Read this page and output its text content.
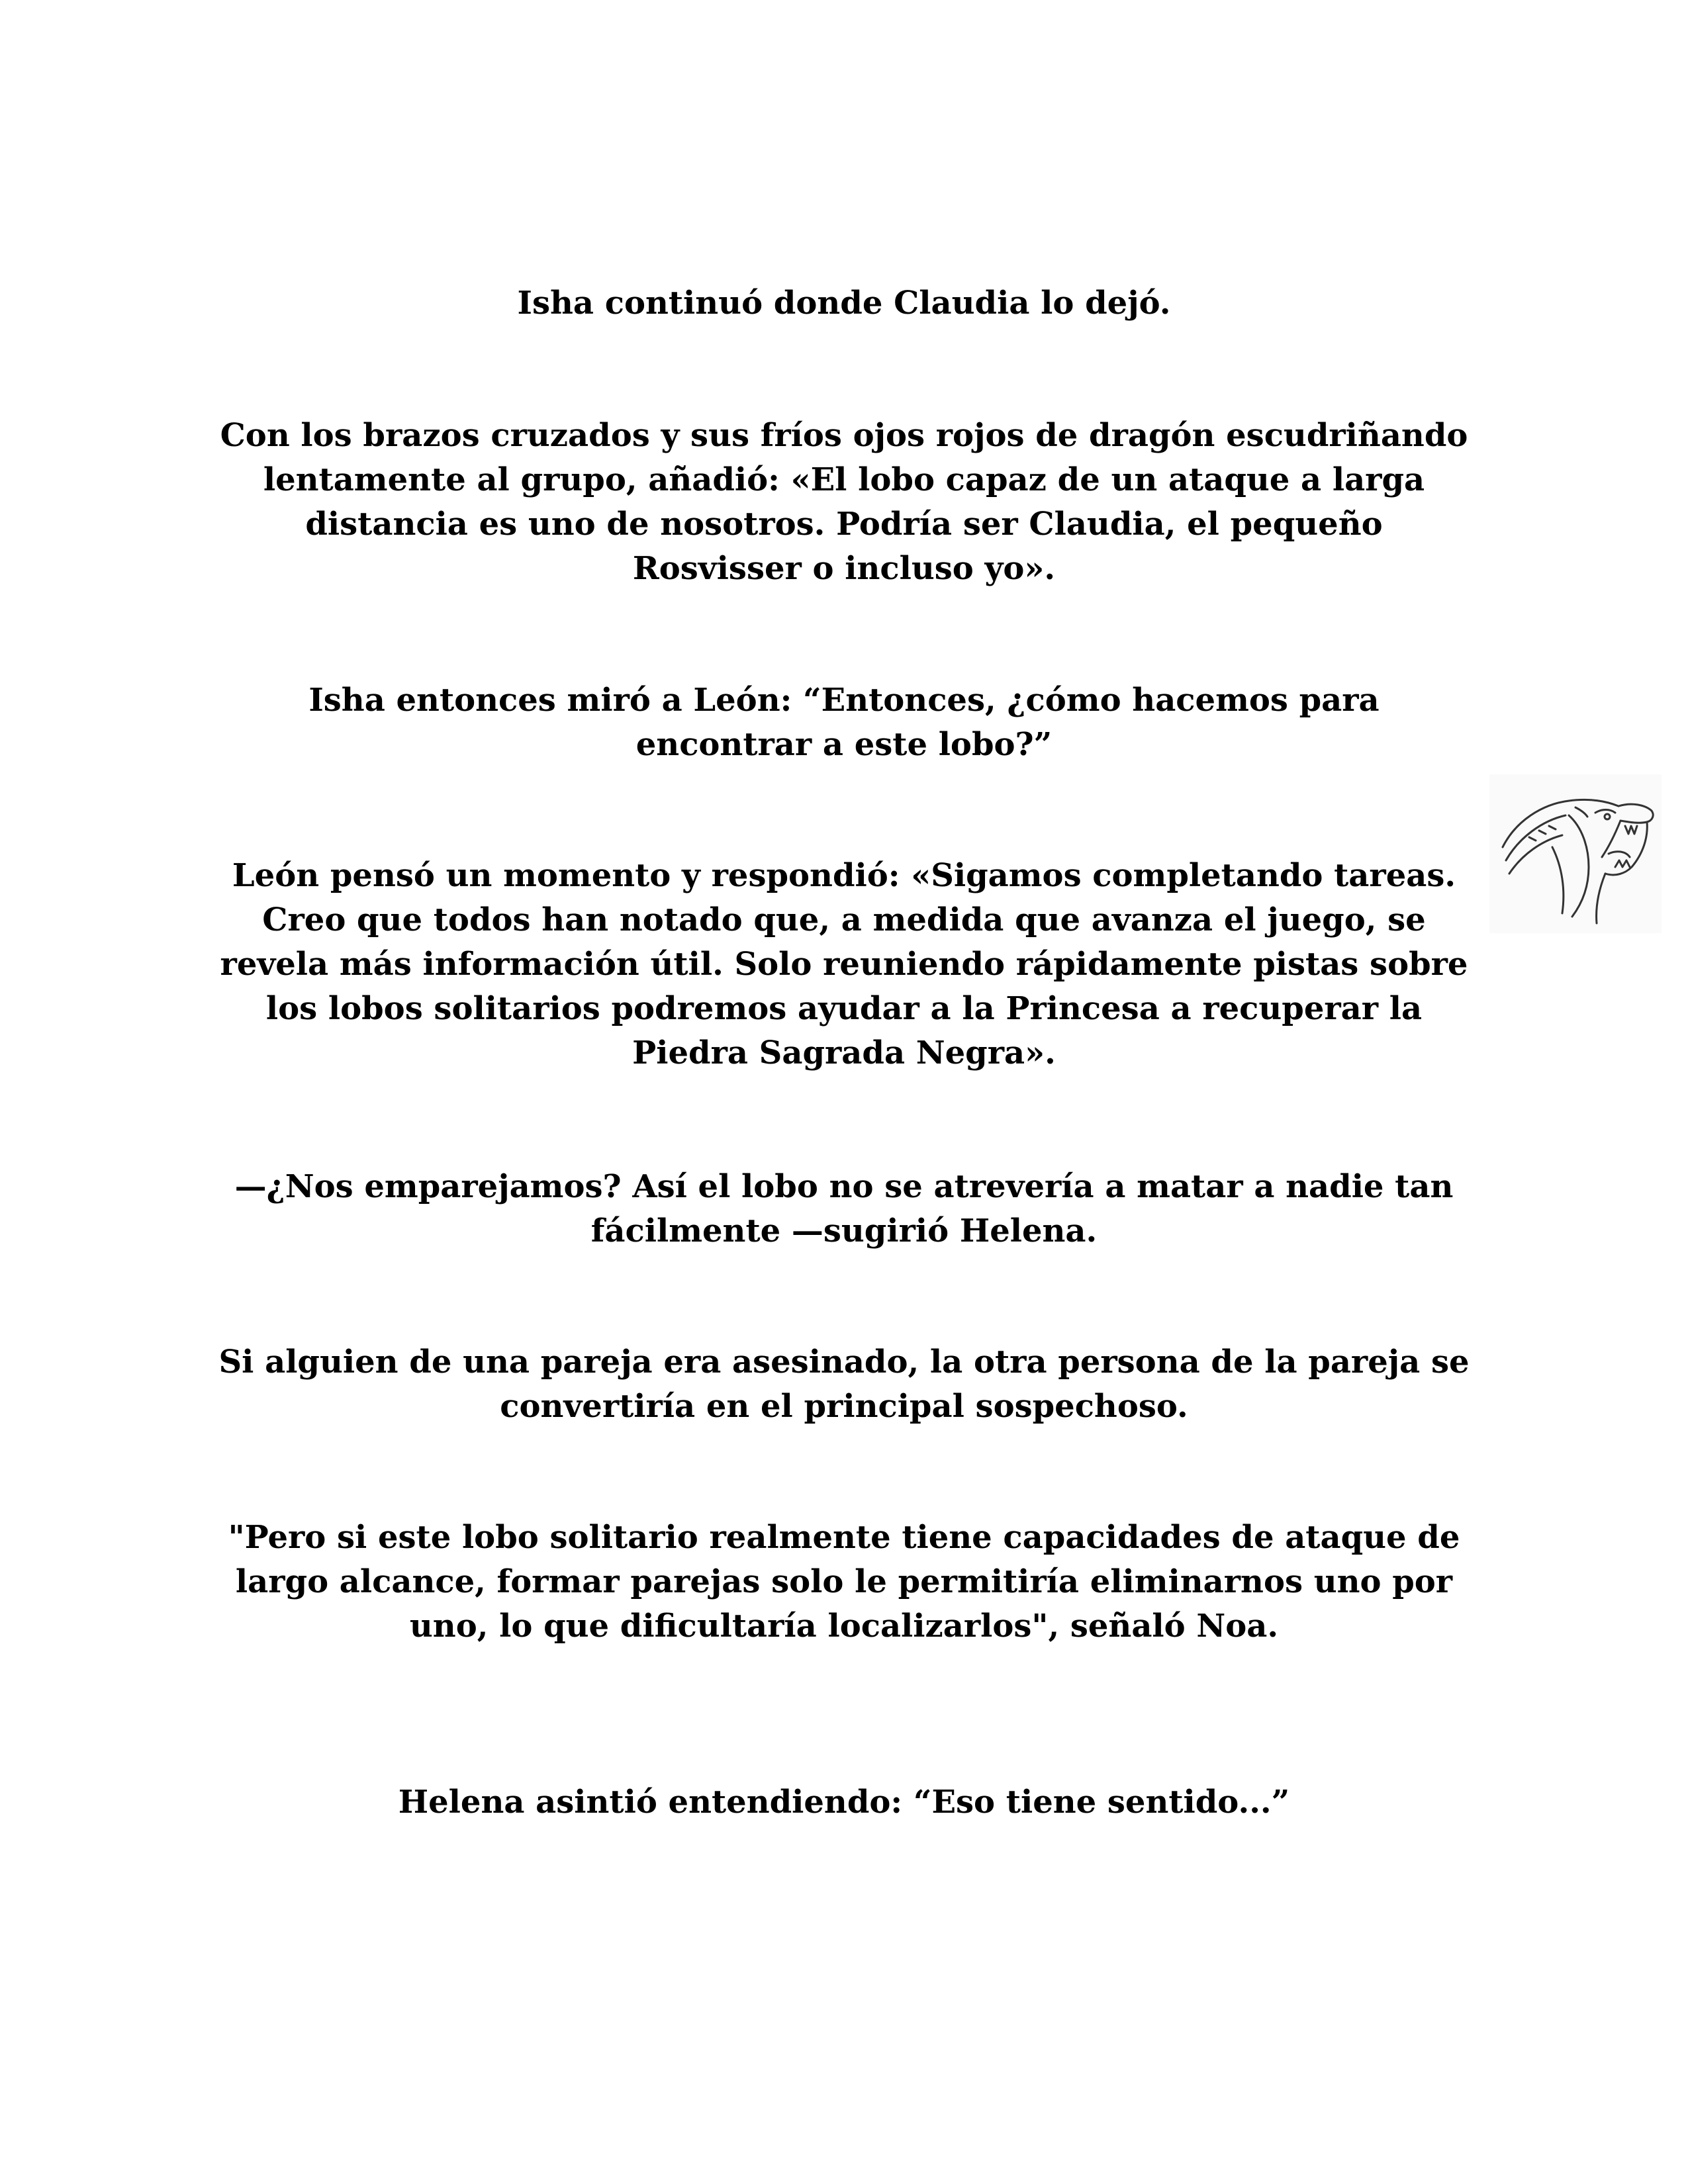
Isha continuó donde Claudia lo dejó.
Con los brazos cruzados y sus fríos ojos rojos de dragón escudriñando lentamente al grupo, añadió: «El lobo capaz de un ataque a larga distancia es uno de nosotros. Podría ser Claudia, el pequeño Rosvisser o incluso yo».
Isha entonces miró a León: “Entonces, ¿cómo hacemos para encontrar a este lobo?”
León pensó un momento y respondió: «Sigamos completando tareas. Creo que todos han notado que, a medida que avanza el juego, se revela más información útil. Solo reuniendo rápidamente pistas sobre los lobos solitarios podremos ayudar a la Princesa a recuperar la Piedra Sagrada Negra».
—¿Nos emparejamos? Así el lobo no se atrevería a matar a nadie tan fácilmente —sugirió Helena.
Si alguien de una pareja era asesinado, la otra persona de la pareja se convertiría en el principal sospechoso.
"Pero si este lobo solitario realmente tiene capacidades de ataque de largo alcance, formar parejas solo le permitiría eliminarnos uno por uno, lo que dificultaría localizarlos", señaló Noa.
Helena asintió entendiendo: “Eso tiene sentido...”
